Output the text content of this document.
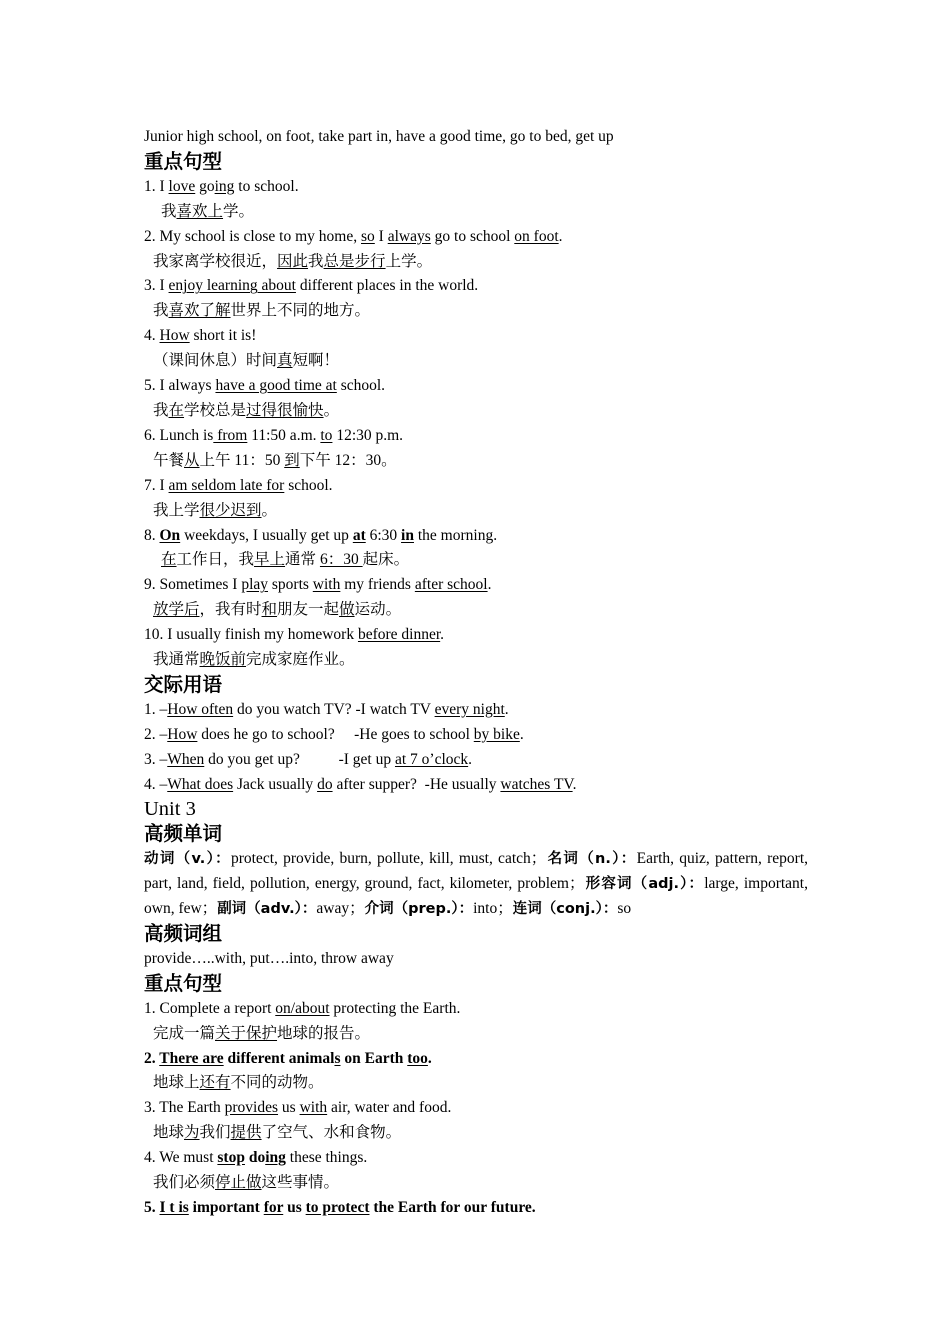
Junior high school, on foot, take part in, have a good time, go to bed, get up
重点句型
1. I love going to school.
我喜欢上学。
2. My school is close to my home, so I always go to school on foot.
我家离学校很近，因此我总是步行上学。
3. I enjoy learning about different places in the world.
我喜欢了解世界上不同的地方。
4. How short it is!
（课间休息）时间真短啊！
5. I always have a good time at school.
我在学校总是过得很愉快。
6. Lunch is from 11:50 a.m. to 12:30 p.m.
午餐从上午 11：50 到下午 12：30。
7. I am seldom late for school.
我上学很少迟到。
8. On weekdays, I usually get up at 6:30 in the morning.
在工作日，我早上通常 6：30 起床。
9. Sometimes I play sports with my friends after school.
放学后，我有时和朋友一起做运动。
10. I usually finish my homework before dinner.
我通常晚饭前完成家庭作业。
交际用语
1. –How often do you watch TV? -I watch TV every night.
2. –How does he go to school?     -He goes to school by bike.
3. –When do you get up?          -I get up at 7 o’clock.
4. –What does Jack usually do after supper?  -He usually watches TV.
Unit 3
高频单词
动词（v.）：protect, provide, burn, pollute, kill, must, catch；名词（n.）：Earth, quiz, pattern, report, part, land, field, pollution, energy, ground, fact, kilometer, problem；形容词（adj.）：large, important, own, few；副词（adv.）：away；介词（prep.）：into；连词（conj.）：so
高频词组
provide…..with, put….into, throw away
重点句型
1. Complete a report on/about protecting the Earth.
完成一篇关于保护地球的报告。
2. There are different animals on Earth too.
地球上还有不同的动物。
3. The Earth provides us with air, water and food.
地球为我们提供了空气、水和食物。
4. We must stop doing these things.
我们必须停止做这些事情。
5. I t is important for us to protect the Earth for our future.
